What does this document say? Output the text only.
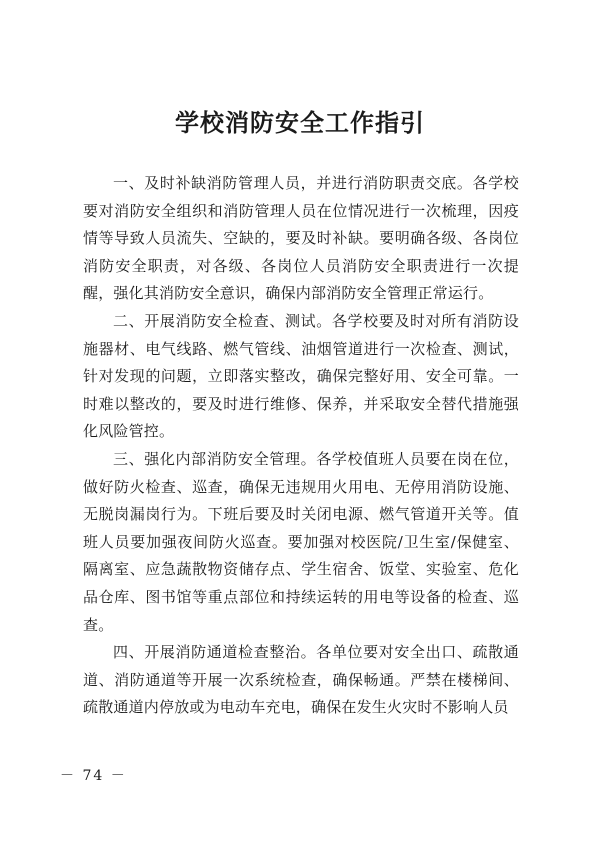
学校消防安全工作指引

一、及时补缺消防管理人员，并进行消防职责交底。各学校要对消防安全组织和消防管理人员在位情况进行一次梳理，因疫情等导致人员流失、空缺的，要及时补缺。要明确各级、各岗位消防安全职责，对各级、各岗位人员消防安全职责进行一次提醒，强化其消防安全意识，确保内部消防安全管理正常运行。

二、开展消防安全检查、测试。各学校要及时对所有消防设施器材、电气线路、燃气管线、油烟管道进行一次检查、测试，针对发现的问题，立即落实整改，确保完整好用、安全可靠。一时难以整改的，要及时进行维修、保养，并采取安全替代措施强化风险管控。

三、强化内部消防安全管理。各学校值班人员要在岗在位，做好防火检查、巡查，确保无违规用火用电、无停用消防设施、无脱岗漏岗行为。下班后要及时关闭电源、燃气管道开关等。值班人员要加强夜间防火巡查。要加强对校医院/卫生室/保健室、隔离室、应急蔬散物资储存点、学生宿舍、饭堂、实验室、危化品仓库、图书馆等重点部位和持续运转的用电等设备的检查、巡查。

四、开展消防通道检查整治。各单位要对安全出口、疏散通道、消防通道等开展一次系统检查，确保畅通。严禁在楼梯间、疏散通道内停放或为电动车充电，确保在发生火灾时不影响人员

－ 74 －
